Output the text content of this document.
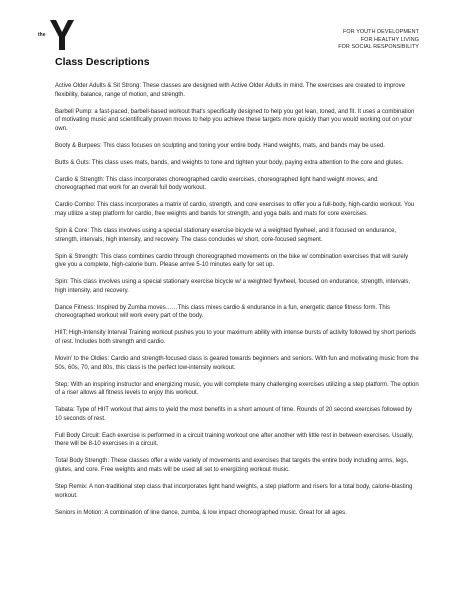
the	FOR YOUTH DEVELOPMENT
FOR HEALTHY LIVING
FOR SOCIAL RESPONSIBILITY
Class Descriptions

Active Older Adults & Sit Strong: These classes are designed with Active Older Adults in mind. The exercises are created to improve flexibility, balance, range of motion, and strength.

Barbell Pump: a fast-paced, barbell-based workout that's specifically designed to help you get lean, toned, and fit. It uses a combination of motivating music and scientifically proven moves to help you achieve these targets more quickly than you would working out on your own.

Booty & Burpees: This class focuses on sculpting and toning your entire body. Hand weights, mats, and bands may be used.

Butts & Guts: This class uses mats, bands, and weights to tone and tighten your body, paying extra attention to the core and glutes.

Cardio & Strength: This class incorporates choreographed cardio exercises, choreographed light hand weight moves, and choreographed mat work for an overall full body workout.

Cardio Combo: This class incorporates a matrix of cardio, strength, and core exercises to offer you a full-body, high-cardio workout. You may utilize a step platform for cardio, free weights and bands for strength, and yoga balls and mats for core exercises.

Spin & Core: This class involves using a special stationary exercise bicycle w/ a weighted flywheel, and it focused on endurance, strength, intervals, high intensity, and recovery. The class concludes w/ short, core-focused segment.

Spin & Strength: This class combines cardio through choreographed movements on the bike w/ combination exercises that will surely give you a complete, high-calorie burn. Please arrive 5-10 minutes early for set up.

Spin: This class involves using a special stationary exercise bicycle w/ a weighted flywheel, focused on endurance, strength, intervals, high intensity, and recovery.

Dance Fitness: Inspired by Zumba moves……This class mixes cardio & endurance in a fun, energetic dance fitness form. This choreographed workout will work every part of the body.

HIIT: High-Intensity Interval Training workout pushes you to your maximum ability with intense bursts of activity followed by short periods of rest. Includes both strength and cardio.

Movin' to the Oldies: Cardio and strength-focused class is geared towards beginners and seniors. With fun and motivating music from the 50s, 60s, 70, and 80s, this class is the perfect low-intensity workout.

Step: With an inspiring instructor and energizing music, you will complete many challenging exercises utilizing a step platform. The option of a riser allows all fitness levels to enjoy this workout.

Tabata: Type of HIIT workout that aims to yield the most benefits in a short amount of time. Rounds of 20 second exercises followed by 10 seconds of rest.

Full Body Circuit: Each exercise is performed in a circuit training workout one after another with little rest in between exercises. Usually, there will be 8-10 exercises in a circuit.

Total Body Strength: These classes offer a wide variety of movements and exercises that targets the entire body including arms, legs, glutes, and core. Free weights and mats will be used all set to energizing workout music.

Step Remix: A non-traditional step class that incorporates light hand weights, a step platform and risers for a total body, calorie-blasting workout.

Seniors in Motion: A combination of line dance, zumba, & low impact choreographed music. Great for all ages.
